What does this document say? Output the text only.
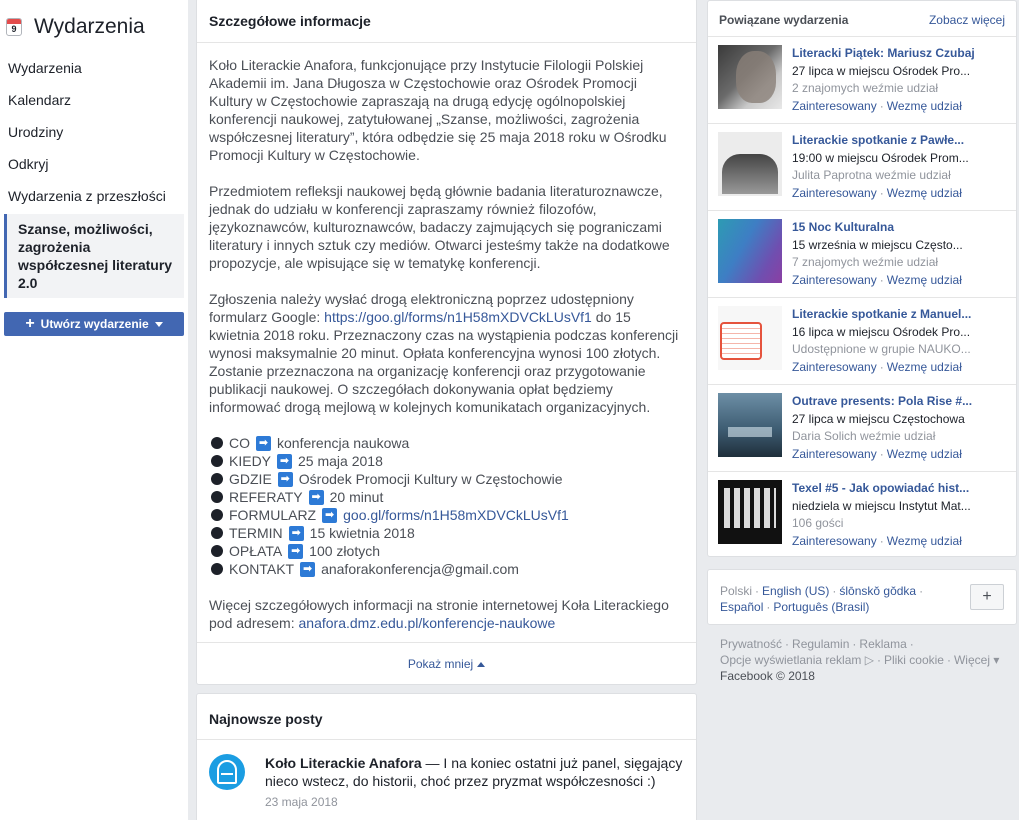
9 Wydarzenia
Wydarzenia
Kalendarz
Urodziny
Odkryj
Wydarzenia z przeszłości
Szanse, możliwości, zagrożenia współczesnej literatury 2.0
+ Utwórz wydarzenie
Szczegółowe informacje

Koło Literackie Anafora, funkcjonujące przy Instytucie Filologii Polskiej Akademii im. Jana Długosza w Częstochowie oraz Ośrodek Promocji Kultury w Częstochowie zapraszają na drugą edycję ogólnopolskiej konferencji naukowej, zatytułowanej „Szanse, możliwości, zagrożenia współczesnej literatury”, która odbędzie się 25 maja 2018 roku w Ośrodku Promocji Kultury w Częstochowie.

Przedmiotem refleksji naukowej będą głównie badania literaturoznawcze, jednak do udziału w konferencji zapraszamy również filozofów, językoznawców, kulturoznawców, badaczy zajmujących się pograniczami literatury i innych sztuk czy mediów. Otwarci jesteśmy także na dodatkowe propozycje, ale wpisujące się w tematykę konferencji.

Zgłoszenia należy wysłać drogą elektroniczną poprzez udostępniony formularz Google: https://goo.gl/forms/n1H58mXDVCkLUsVf1 do 15 kwietnia 2018 roku. Przeznaczony czas na wystąpienia podczas konferencji wynosi maksymalnie 20 minut. Opłata konferencyjna wynosi 100 złotych. Zostanie przeznaczona na organizację konferencji oraz przygotowanie publikacji naukowej. O szczegółach dokonywania opłat będziemy informować drogą mejlową w kolejnych komunikatach organizacyjnych.

CO ➡ konferencja naukowa
KIEDY ➡ 25 maja 2018
GDZIE ➡ Ośrodek Promocji Kultury w Częstochowie
REFERATY ➡ 20 minut
FORMULARZ ➡ goo.gl/forms/n1H58mXDVCkLUsVf1
TERMIN ➡ 15 kwietnia 2018
OPŁATA ➡ 100 złotych
KONTAKT ➡ anaforakonferencja@gmail.com

Więcej szczegółowych informacji na stronie internetowej Koła Literackiego pod adresem: anafora.dmz.edu.pl/konferencje-naukowe

Pokaż mniej
Najnowsze posty
Koło Literackie Anafora — I na koniec ostatni już panel, sięgający nieco wstecz, do historii, choć przez pryzmat współczesności :)
23 maja 2018
Powiązane wydarzenia	Zobacz więcej
Literacki Piątek: Mariusz Czubaj
27 lipca w miejscu Ośrodek Pro...
2 znajomych weźmie udział
Zainteresowany · Wezmę udział
Literackie spotkanie z Pawłe...
19:00 w miejscu Ośrodek Prom...
Julita Paprotna weźmie udział
Zainteresowany · Wezmę udział
15 Noc Kulturalna
15 września w miejscu Często...
7 znajomych weźmie udział
Zainteresowany · Wezmę udział
Literackie spotkanie z Manuel...
16 lipca w miejscu Ośrodek Pro...
Udostępnione w grupie NAUKO...
Zainteresowany · Wezmę udział
Outrave presents: Pola Rise #...
27 lipca w miejscu Częstochowa
Daria Solich weźmie udział
Zainteresowany · Wezmę udział
Texel #5 - Jak opowiadać hist...
niedziela w miejscu Instytut Mat...
106 gości
Zainteresowany · Wezmę udział
Polski · English (US) · ślōnskŏ gŏdka ·
Español · Português (Brasil)
+
Prywatność · Regulamin · Reklama ·
Opcje wyświetlania reklam ▷ · Pliki cookie · Więcej ▾
Facebook © 2018
